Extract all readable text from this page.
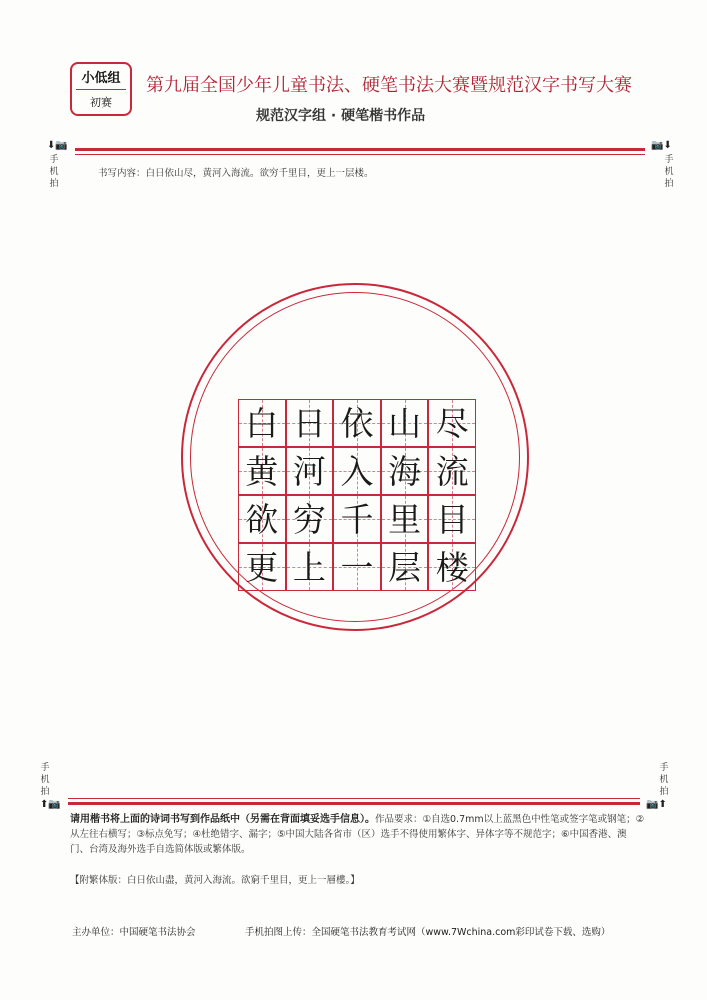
小低组
初赛
第九届全国少年儿童书法、硬笔书法大赛暨规范汉字书写大赛
规范汉字组 · 硬笔楷书作品
⬇📷
手机拍
📷⬇
手机拍
书写内容：白日依山尽，黄河入海流。欲穷千里目，更上一层楼。
白 日 依 山 尽
黄 河 入 海 流
欲 穷 千 里 目
更 上 一 层 楼
手机拍
⬆📷
手机拍
📷⬆
请用楷书将上面的诗词书写到作品纸中（另需在背面填妥选手信息）。作品要求：①自选0.7mm以上蓝黑色中性笔或签字笔或钢笔；②从左往右横写；③标点免写；④杜绝错字、漏字；⑤中国大陆各省市（区）选手不得使用繁体字、异体字等不规范字；⑥中国香港、澳门、台湾及海外选手自选简体版或繁体版。
【附繁体版：白日依山盡，黄河入海流。欲窮千里目，更上一層樓。】
主办单位：中国硬笔书法协会	手机拍图上传：全国硬笔书法教育考试网（www.7Wchina.com彩印试卷下载、选购）
